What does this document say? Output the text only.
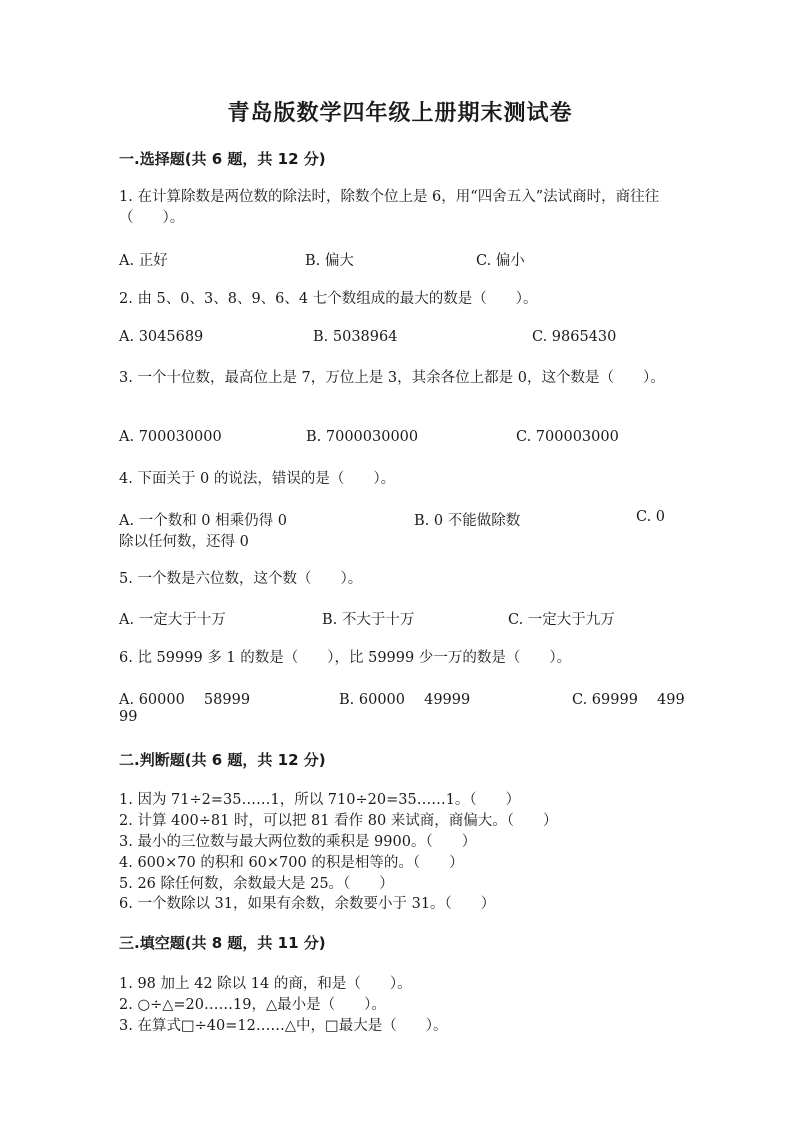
青岛版数学四年级上册期末测试卷
一.选择题(共 6 题，共 12 分)
1. 在计算除数是两位数的除法时，除数个位上是 6，用“四舍五入”法试商时，商往往（　　）。
A. 正好	B. 偏大	C. 偏小
2. 由 5、0、3、8、9、6、4 七个数组成的最大的数是（　　）。
A. 3045689	B. 5038964	C. 9865430
3. 一个十位数，最高位上是 7，万位上是 3，其余各位上都是 0，这个数是（　　）。
A. 700030000	B. 7000030000	C. 700003000
4. 下面关于 0 的说法，错误的是（　　）。
A. 一个数和 0 相乘仍得 0	B. 0 不能做除数	C. 0
除以任何数，还得 0
5. 一个数是六位数，这个数（　　）。
A. 一定大于十万	B. 不大于十万	C. 一定大于九万
6. 比 59999 多 1 的数是（　　），比 59999 少一万的数是（　　）。
A. 60000　 58999	B. 60000　 49999	C. 69999　 499
99
二.判断题(共 6 题，共 12 分)
1. 因为 71÷2=35……1，所以 710÷20=35……1。（　　）
2. 计算 400÷81 时，可以把 81 看作 80 来试商，商偏大。（　　）
3. 最小的三位数与最大两位数的乘积是 9900。（　　）
4. 600×70 的积和 60×700 的积是相等的。（　　）
5. 26 除任何数，余数最大是 25。（　　）
6. 一个数除以 31，如果有余数，余数要小于 31。（　　）
三.填空题(共 8 题，共 11 分)
1. 98 加上 42 除以 14 的商，和是（　　）。
2. ○÷△=20……19，△最小是（　　）。
3. 在算式□÷40=12……△中，□最大是（　　）。
